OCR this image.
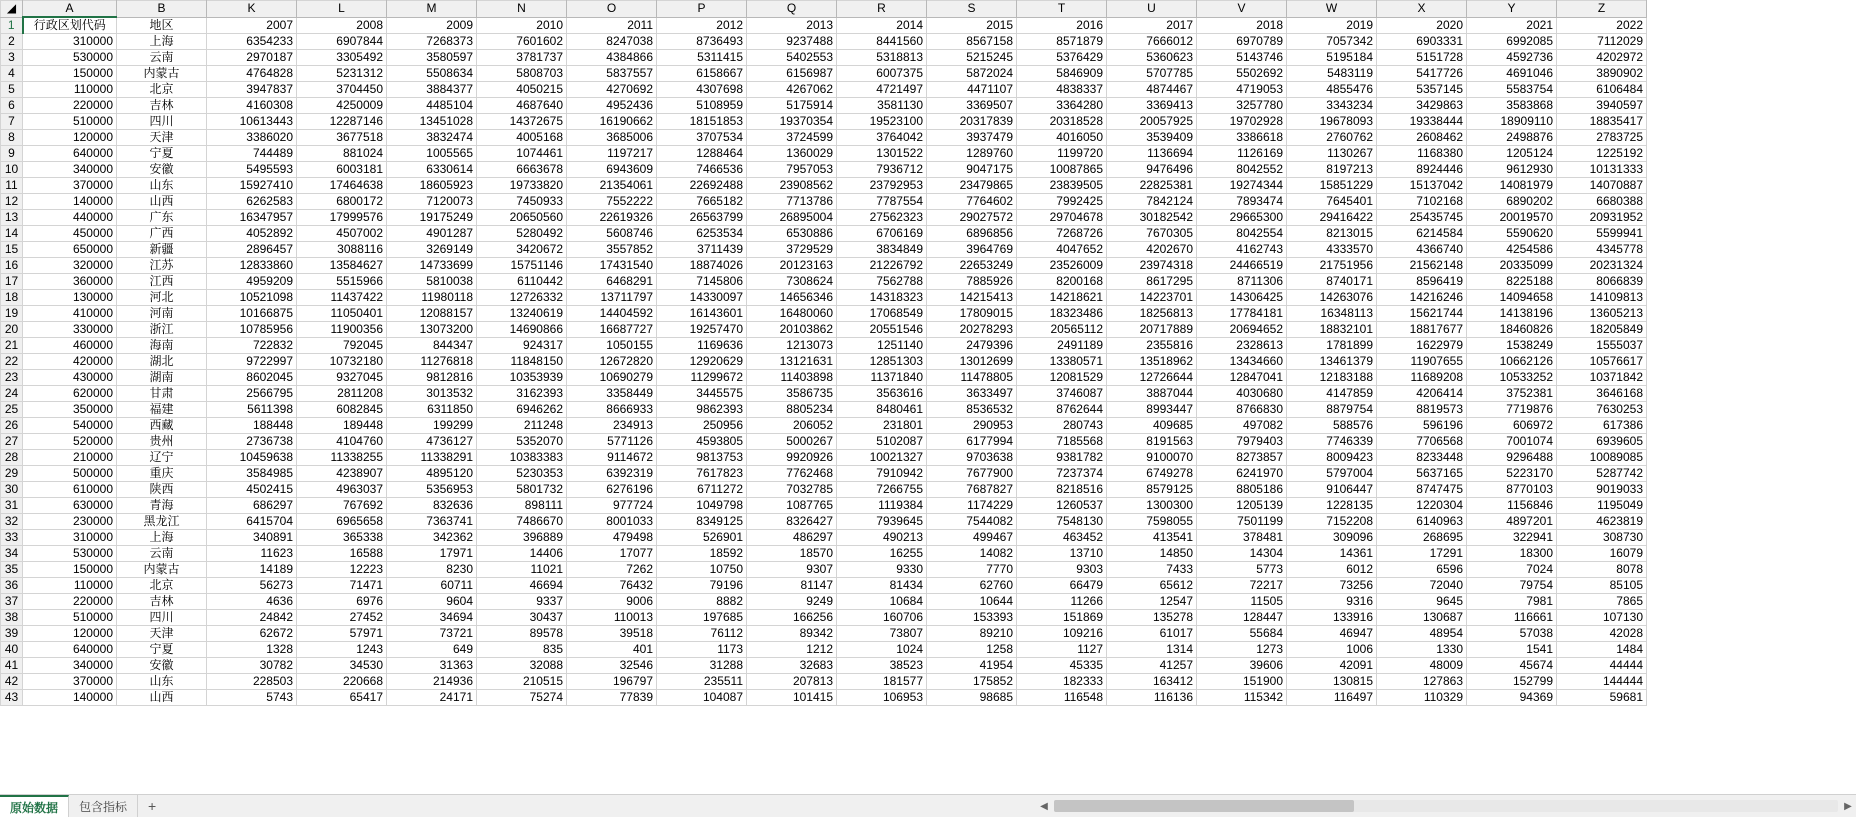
◢	A	B	K	L	M	N	O	P	Q	R	S	T	U	V	W	X	Y	Z
1	行政区划代码	地区	2007	2008	2009	2010	2011	2012	2013	2014	2015	2016	2017	2018	2019	2020	2021	2022
2	310000	上海	6354233	6907844	7268373	7601602	8247038	8736493	9237488	8441560	8567158	8571879	7666012	6970789	7057342	6903331	6992085	7112029
3	530000	云南	2970187	3305492	3580597	3781737	4384866	5311415	5402553	5318813	5215245	5376429	5360623	5143746	5195184	5151728	4592736	4202972
4	150000	内蒙古	4764828	5231312	5508634	5808703	5837557	6158667	6156987	6007375	5872024	5846909	5707785	5502692	5483119	5417726	4691046	3890902
5	110000	北京	3947837	3704450	3884377	4050215	4270692	4307698	4267062	4721497	4471107	4838337	4874467	4719053	4855476	5357145	5583754	6106484
6	220000	吉林	4160308	4250009	4485104	4687640	4952436	5108959	5175914	3581130	3369507	3364280	3369413	3257780	3343234	3429863	3583868	3940597
7	510000	四川	10613443	12287146	13451028	14372675	16190662	18151853	19370354	19523100	20317839	20318528	20057925	19702928	19678093	19338444	18909110	18835417
8	120000	天津	3386020	3677518	3832474	4005168	3685006	3707534	3724599	3764042	3937479	4016050	3539409	3386618	2760762	2608462	2498876	2783725
9	640000	宁夏	744489	881024	1005565	1074461	1197217	1288464	1360029	1301522	1289760	1199720	1136694	1126169	1130267	1168380	1205124	1225192
10	340000	安徽	5495593	6003181	6330614	6663678	6943609	7466536	7957053	7936712	9047175	10087865	9476496	8042552	8197213	8924446	9612930	10131333
11	370000	山东	15927410	17464638	18605923	19733820	21354061	22692488	23908562	23792953	23479865	23839505	22825381	19274344	15851229	15137042	14081979	14070887
12	140000	山西	6262583	6800172	7120073	7450933	7552222	7665182	7713786	7787554	7764602	7992425	7842124	7893474	7645401	7102168	6890202	6680388
13	440000	广东	16347957	17999576	19175249	20650560	22619326	26563799	26895004	27562323	29027572	29704678	30182542	29665300	29416422	25435745	20019570	20931952
14	450000	广西	4052892	4507002	4901287	5280492	5608746	6253534	6530886	6706169	6896856	7268726	7670305	8042554	8213015	6214584	5590620	5599941
15	650000	新疆	2896457	3088116	3269149	3420672	3557852	3711439	3729529	3834849	3964769	4047652	4202670	4162743	4333570	4366740	4254586	4345778
16	320000	江苏	12833860	13584627	14733699	15751146	17431540	18874026	20123163	21226792	22653249	23526009	23974318	24466519	21751956	21562148	20335099	20231324
17	360000	江西	4959209	5515966	5810038	6110442	6468291	7145806	7308624	7562788	7885926	8200168	8617295	8711306	8740171	8596419	8225188	8066839
18	130000	河北	10521098	11437422	11980118	12726332	13711797	14330097	14656346	14318323	14215413	14218621	14223701	14306425	14263076	14216246	14094658	14109813
19	410000	河南	10166875	11050401	12088157	13240619	14404592	16143601	16480060	17068549	17809015	18323486	18256813	17784181	16348113	15621744	14138196	13605213
20	330000	浙江	10785956	11900356	13073200	14690866	16687727	19257470	20103862	20551546	20278293	20565112	20717889	20694652	18832101	18817677	18460826	18205849
21	460000	海南	722832	792045	844347	924317	1050155	1169636	1213073	1251140	2479396	2491189	2355816	2328613	1781899	1622979	1538249	1555037
22	420000	湖北	9722997	10732180	11276818	11848150	12672820	12920629	13121631	12851303	13012699	13380571	13518962	13434660	13461379	11907655	10662126	10576617
23	430000	湖南	8602045	9327045	9812816	10353939	10690279	11299672	11403898	11371840	11478805	12081529	12726644	12847041	12183188	11689208	10533252	10371842
24	620000	甘肃	2566795	2811208	3013532	3162393	3358449	3445575	3586735	3563616	3633497	3746087	3887044	4030680	4147859	4206414	3752381	3646168
25	350000	福建	5611398	6082845	6311850	6946262	8666933	9862393	8805234	8480461	8536532	8762644	8993447	8766830	8879754	8819573	7719876	7630253
26	540000	西藏	188448	189448	199299	211248	234913	250956	206052	231801	290953	280743	409685	497082	588576	596196	606972	617386
27	520000	贵州	2736738	4104760	4736127	5352070	5771126	4593805	5000267	5102087	6177994	7185568	8191563	7979403	7746339	7706568	7001074	6939605
28	210000	辽宁	10459638	11338255	11338291	10383383	9114672	9813753	9920926	10021327	9703638	9381782	9100070	8273857	8009423	8233448	9296488	10089085
29	500000	重庆	3584985	4238907	4895120	5230353	6392319	7617823	7762468	7910942	7677900	7237374	6749278	6241970	5797004	5637165	5223170	5287742
30	610000	陕西	4502415	4963037	5356953	5801732	6276196	6711272	7032785	7266755	7687827	8218516	8579125	8805186	9106447	8747475	8770103	9019033
31	630000	青海	686297	767692	832636	898111	977724	1049798	1087765	1119384	1174229	1260537	1300300	1205139	1228135	1220304	1156846	1195049
32	230000	黑龙江	6415704	6965658	7363741	7486670	8001033	8349125	8326427	7939645	7544082	7548130	7598055	7501199	7152208	6140963	4897201	4623819
33	310000	上海	340891	365338	342362	396889	479498	526901	486297	490213	499467	463452	413541	378481	309096	268695	322941	308730
34	530000	云南	11623	16588	17971	14406	17077	18592	18570	16255	14082	13710	14850	14304	14361	17291	18300	16079
35	150000	内蒙古	14189	12223	8230	11021	7262	10750	9307	9330	7770	9303	7433	5773	6012	6596	7024	8078
36	110000	北京	56273	71471	60711	46694	76432	79196	81147	81434	62760	66479	65612	72217	73256	72040	79754	85105
37	220000	吉林	4636	6976	9604	9337	9006	8882	9249	10684	10644	11266	12547	11505	9316	9645	7981	7865
38	510000	四川	24842	27452	34694	30437	110013	197685	166256	160706	153393	151869	135278	128447	133916	130687	116661	107130
39	120000	天津	62672	57971	73721	89578	39518	76112	89342	73807	89210	109216	61017	55684	46947	48954	57038	42028
40	640000	宁夏	1328	1243	649	835	401	1173	1212	1024	1258	1127	1314	1273	1006	1330	1541	1484
41	340000	安徽	30782	34530	31363	32088	32546	31288	32683	38523	41954	45335	41257	39606	42091	48009	45674	44444
42	370000	山东	228503	220668	214936	210515	196797	235511	207813	181577	175852	182333	163412	151900	130815	127863	152799	144444
43	140000	山西	5743	65417	24171	75274	77839	104087	101415	106953	98685	116548	116136	115342	116497	110329	94369	59681
原始数据	包含指标	+	◀	▶
